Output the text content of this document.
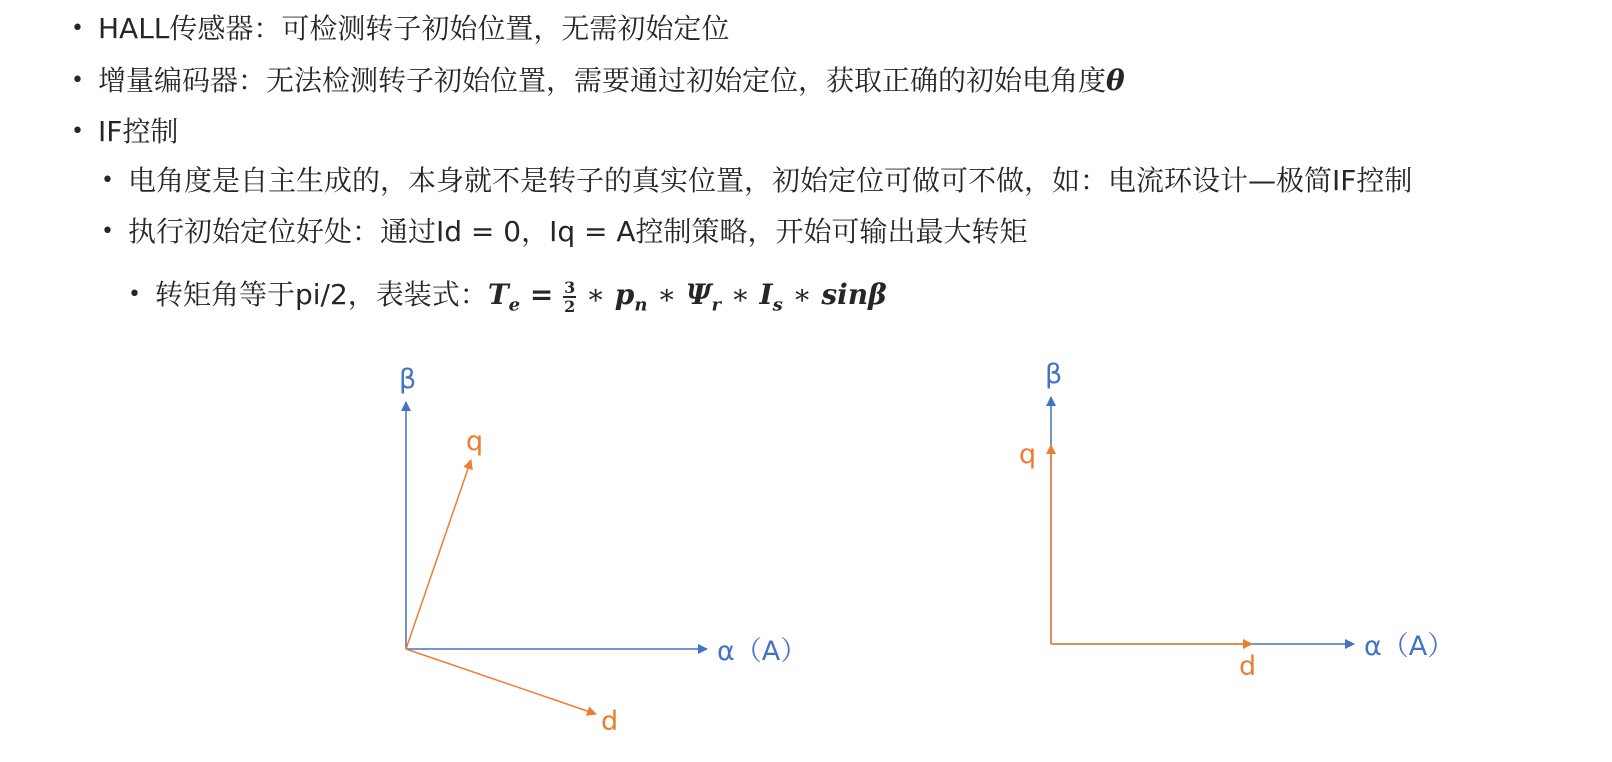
• HALL传感器：可检测转子初始位置，无需初始定位
• 增量编码器：无法检测转子初始位置，需要通过初始定位，获取正确的初始电角度θ
• IF控制
• 电角度是自主生成的，本身就不是转子的真实位置，初始定位可做可不做，如：电流环设计—极简IF控制
• 执行初始定位好处：通过Id = 0，Iq = A控制策略，开始可输出最大转矩
• 转矩角等于pi/2，表装式：$T_e = \frac{3}{2}$ ∗ $p_n$ ∗ $\Psi_r$ ∗ $I_s$ ∗ sinβ
β
α（A）
q
d
β
α（A）
q
d
